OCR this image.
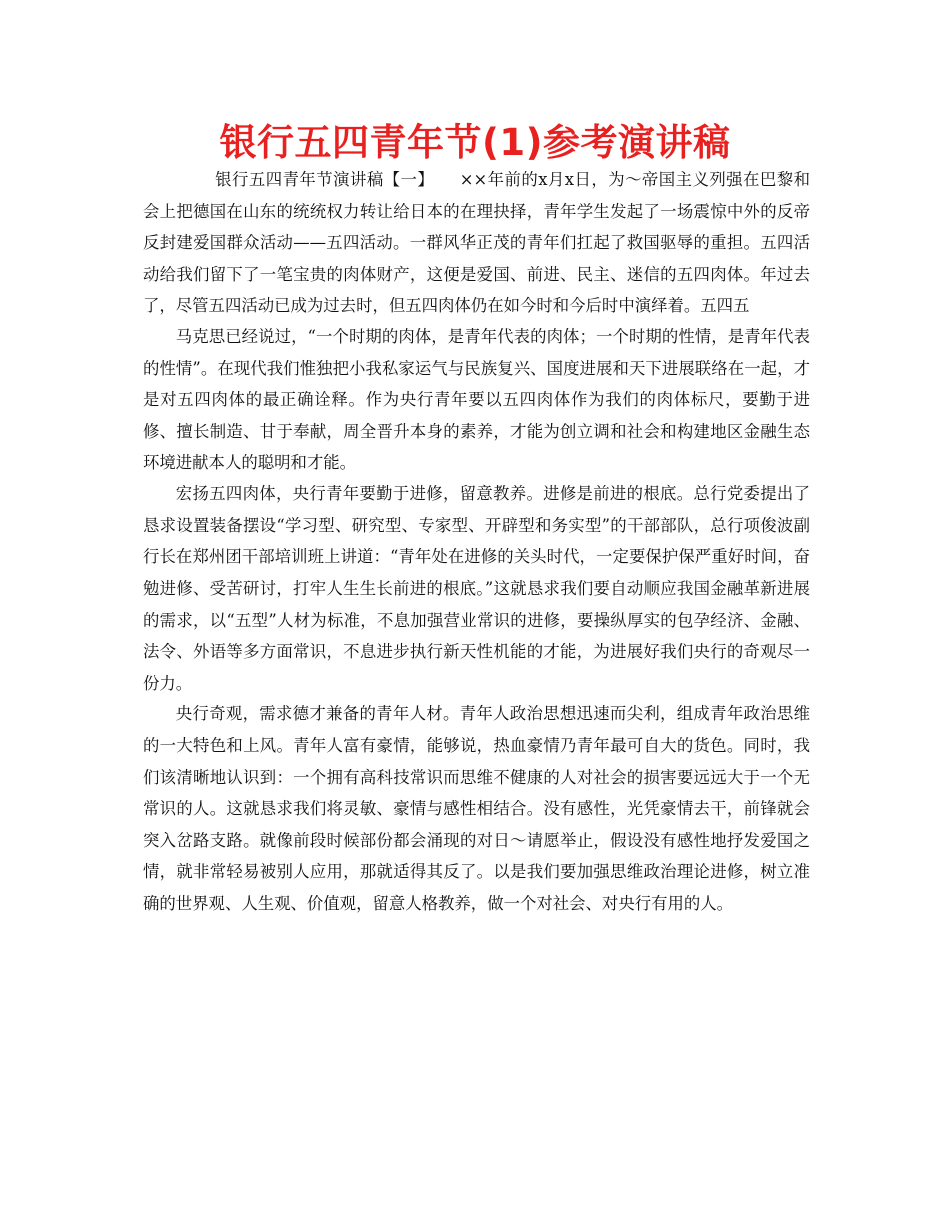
银行五四青年节(1)参考演讲稿

银行五四青年节演讲稿【一】　　××年前的x月x日，为～帝国主义列强在巴黎和会上把德国在山东的统统权力转让给日本的在理抉择，青年学生发起了一场震惊中外的反帝反封建爱国群众活动——五四活动。一群风华正茂的青年们扛起了救国驱辱的重担。五四活动给我们留下了一笔宝贵的肉体财产，这便是爱国、前进、民主、迷信的五四肉体。年过去了，尽管五四活动已成为过去时，但五四肉体仍在如今时和今后时中演绎着。五四五

马克思已经说过，“一个时期的肉体，是青年代表的肉体；一个时期的性情，是青年代表的性情”。在现代我们惟独把小我私家运气与民族复兴、国度进展和天下进展联络在一起，才是对五四肉体的最正确诠释。作为央行青年要以五四肉体作为我们的肉体标尺，要勤于进修、擅长制造、甘于奉献，周全晋升本身的素养，才能为创立调和社会和构建地区金融生态环境进献本人的聪明和才能。

宏扬五四肉体，央行青年要勤于进修，留意教养。进修是前进的根底。总行党委提出了恳求设置装备摆设“学习型、研究型、专家型、开辟型和务实型”的干部部队，总行项俊波副行长在郑州团干部培训班上讲道：“青年处在进修的关头时代，一定要保护保严重好时间，奋勉进修、受苦研讨，打牢人生生长前进的根底。”这就恳求我们要自动顺应我国金融革新进展的需求，以“五型”人材为标准，不息加强营业常识的进修，要操纵厚实的包孕经济、金融、法令、外语等多方面常识，不息进步执行新天性机能的才能，为进展好我们央行的奇观尽一份力。

央行奇观，需求德才兼备的青年人材。青年人政治思想迅速而尖利，组成青年政治思维的一大特色和上风。青年人富有豪情，能够说，热血豪情乃青年最可自大的货色。同时，我们该清晰地认识到：一个拥有高科技常识而思维不健康的人对社会的损害要远远大于一个无常识的人。这就恳求我们将灵敏、豪情与感性相结合。没有感性，光凭豪情去干，前锋就会突入岔路支路。就像前段时候部份都会涌现的对日～请愿举止，假设没有感性地抒发爱国之情，就非常轻易被别人应用，那就适得其反了。以是我们要加强思维政治理论进修，树立准确的世界观、人生观、价值观，留意人格教养，做一个对社会、对央行有用的人。
